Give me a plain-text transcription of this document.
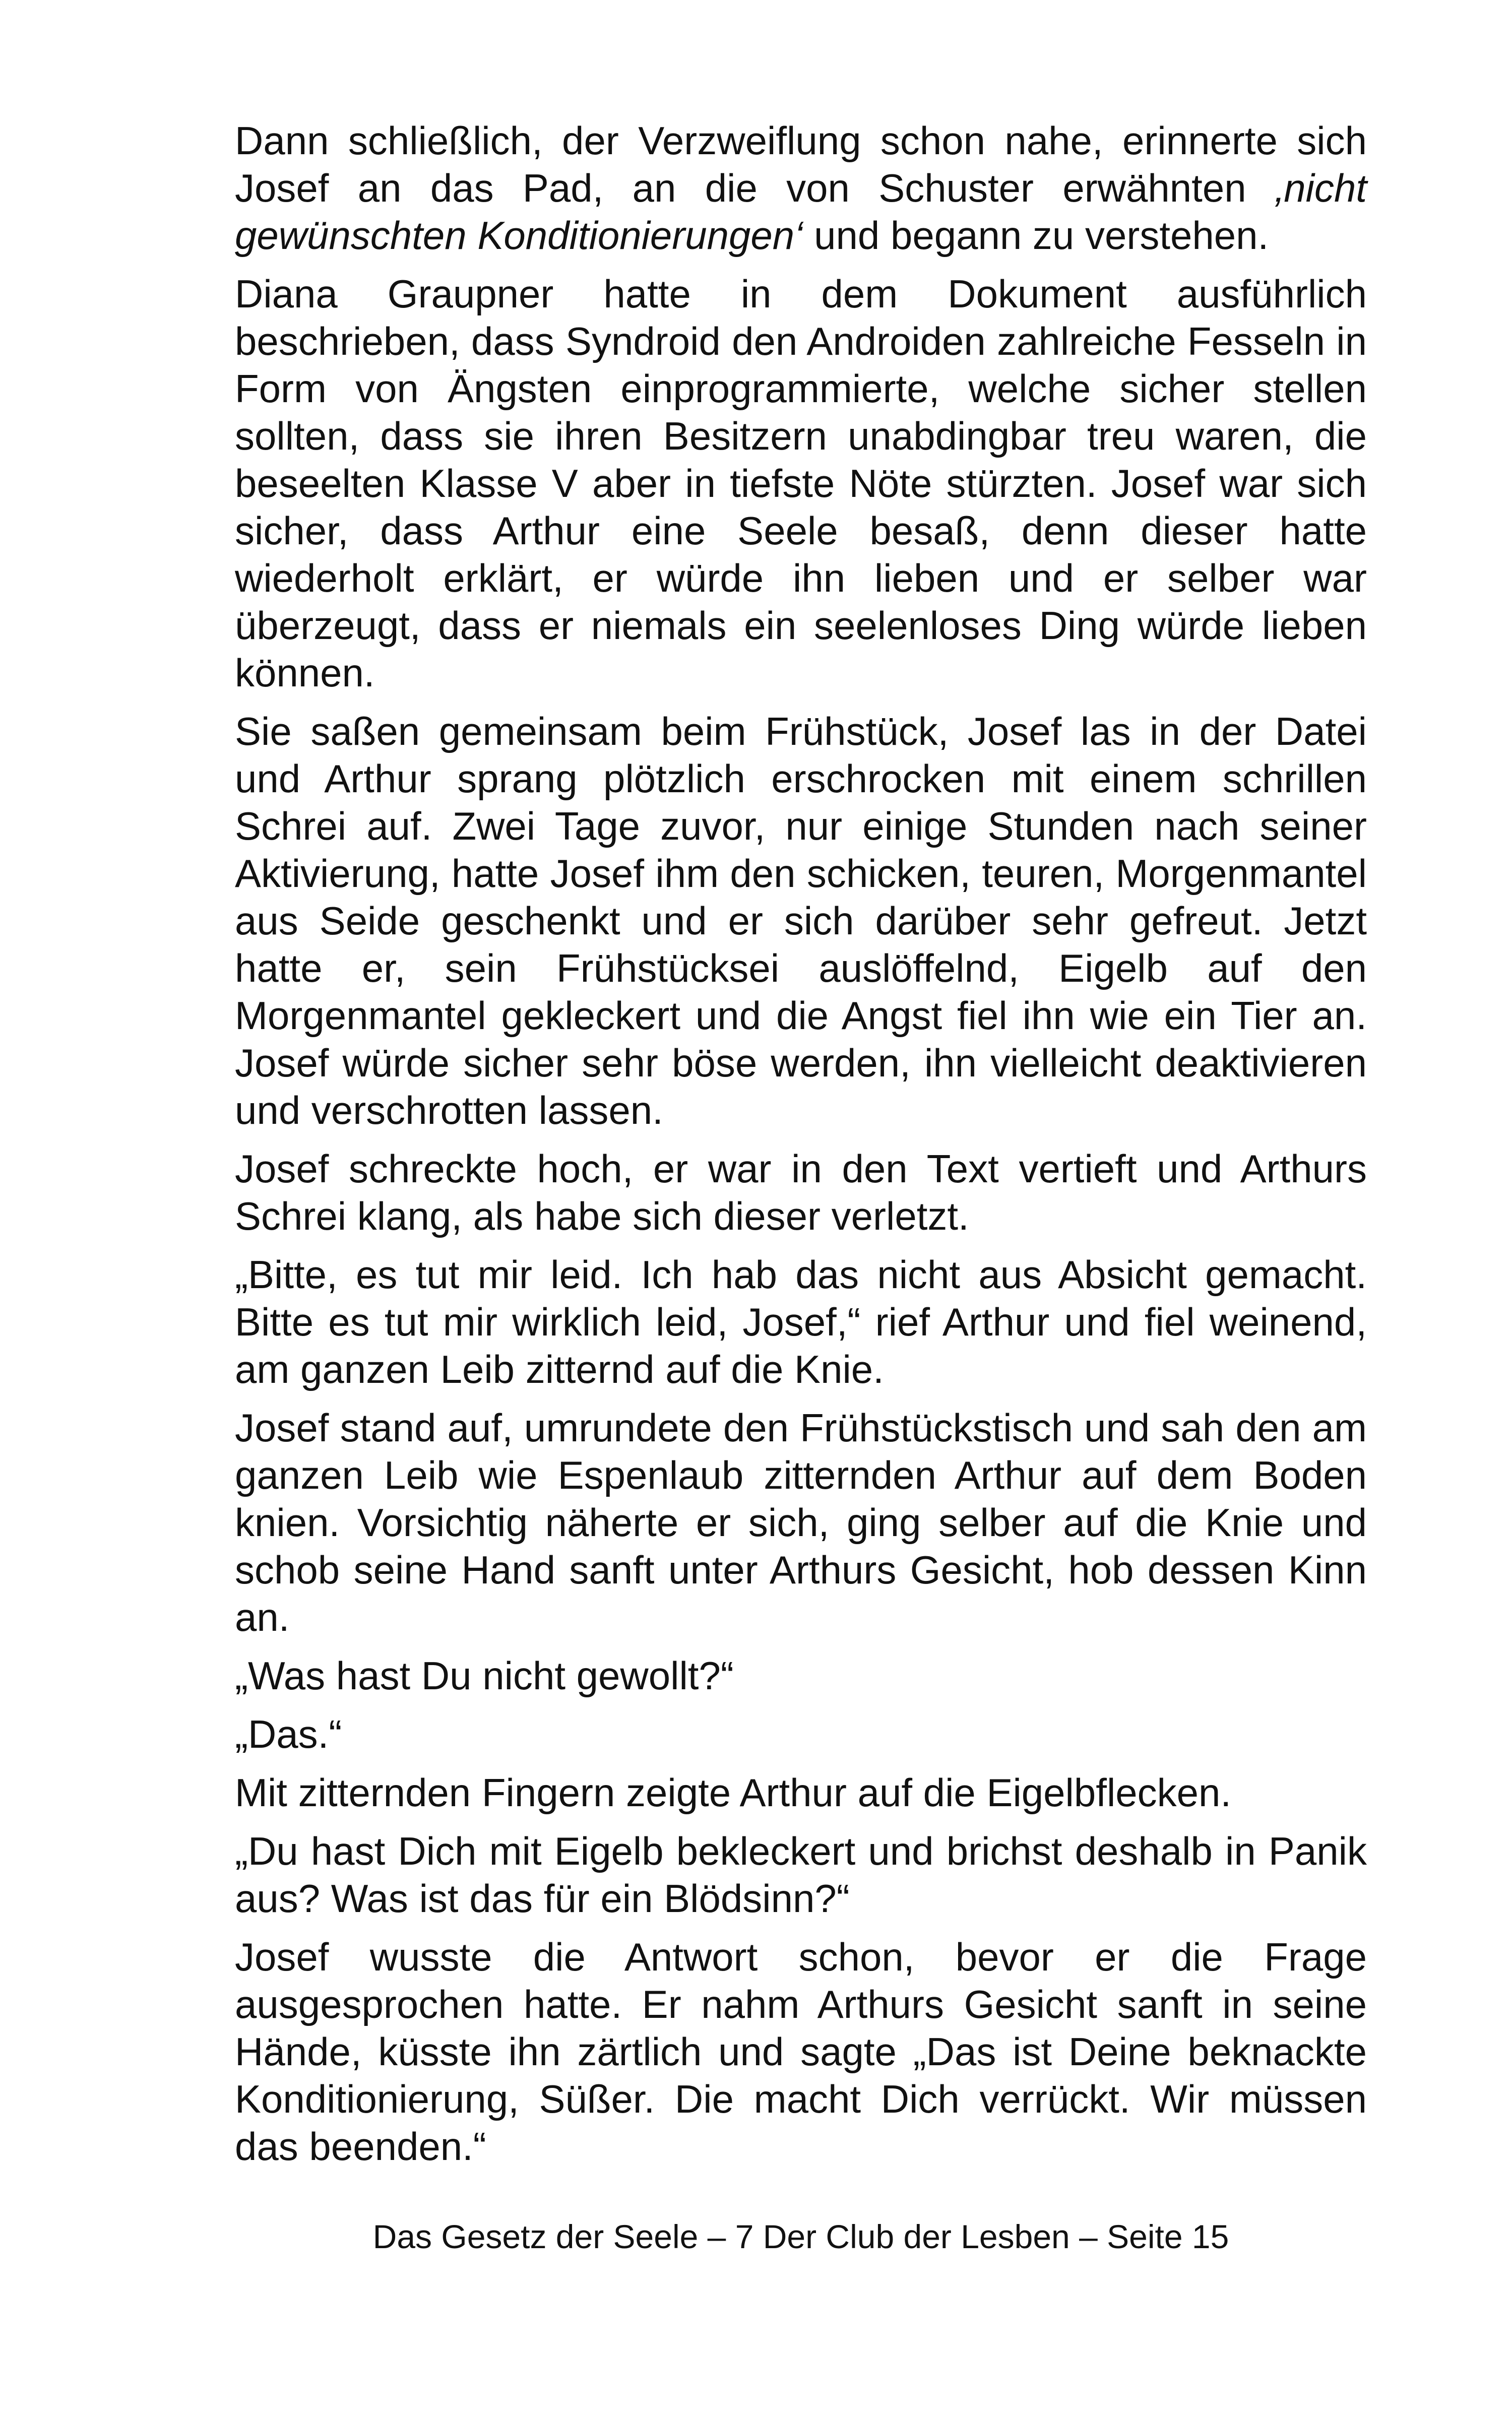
Dann schließlich, der Verzweiflung schon nahe, erinnerte sich Josef an das Pad, an die von Schuster erwähnten ‚nicht gewünschten Konditionierungen‘ und begann zu verstehen.

Diana Graupner hatte in dem Dokument ausführlich beschrieben, dass Syndroid den Androiden zahlreiche Fesseln in Form von Ängsten einprogrammierte, welche sicher stellen sollten, dass sie ihren Besitzern unabdingbar treu waren, die beseelten Klasse V aber in tiefste Nöte stürzten. Josef war sich sicher, dass Arthur eine Seele besaß, denn dieser hatte wiederholt erklärt, er würde ihn lieben und er selber war überzeugt, dass er niemals ein seelenloses Ding würde lieben können.

Sie saßen gemeinsam beim Frühstück, Josef las in der Datei und Arthur sprang plötzlich erschrocken mit einem schrillen Schrei auf. Zwei Tage zuvor, nur einige Stunden nach seiner Aktivierung, hatte Josef ihm den schicken, teuren, Morgenmantel aus Seide geschenkt und er sich darüber sehr gefreut. Jetzt hatte er, sein Frühstücksei auslöffelnd, Eigelb auf den Morgenmantel gekleckert und die Angst fiel ihn wie ein Tier an. Josef würde sicher sehr böse werden, ihn vielleicht deaktivieren und verschrotten lassen.

Josef schreckte hoch, er war in den Text vertieft und Arthurs Schrei klang, als habe sich dieser verletzt.

„Bitte, es tut mir leid. Ich hab das nicht aus Absicht gemacht. Bitte es tut mir wirklich leid, Josef,“ rief Arthur und fiel weinend, am ganzen Leib zitternd auf die Knie.

Josef stand auf, umrundete den Frühstückstisch und sah den am ganzen Leib wie Espenlaub zitternden Arthur auf dem Boden knien. Vorsichtig näherte er sich, ging selber auf die Knie und schob seine Hand sanft unter Arthurs Gesicht, hob dessen Kinn an.

„Was hast Du nicht gewollt?“

„Das.“

Mit zitternden Fingern zeigte Arthur auf die Eigelbflecken.

„Du hast Dich mit Eigelb bekleckert und brichst deshalb in Panik aus? Was ist das für ein Blödsinn?“

Josef wusste die Antwort schon, bevor er die Frage ausgesprochen hatte. Er nahm Arthurs Gesicht sanft in seine Hände, küsste ihn zärtlich und sagte „Das ist Deine beknackte Konditionierung, Süßer. Die macht Dich verrückt. Wir müssen das beenden.“

Das Gesetz der Seele – 7 Der Club der Lesben – Seite 15
